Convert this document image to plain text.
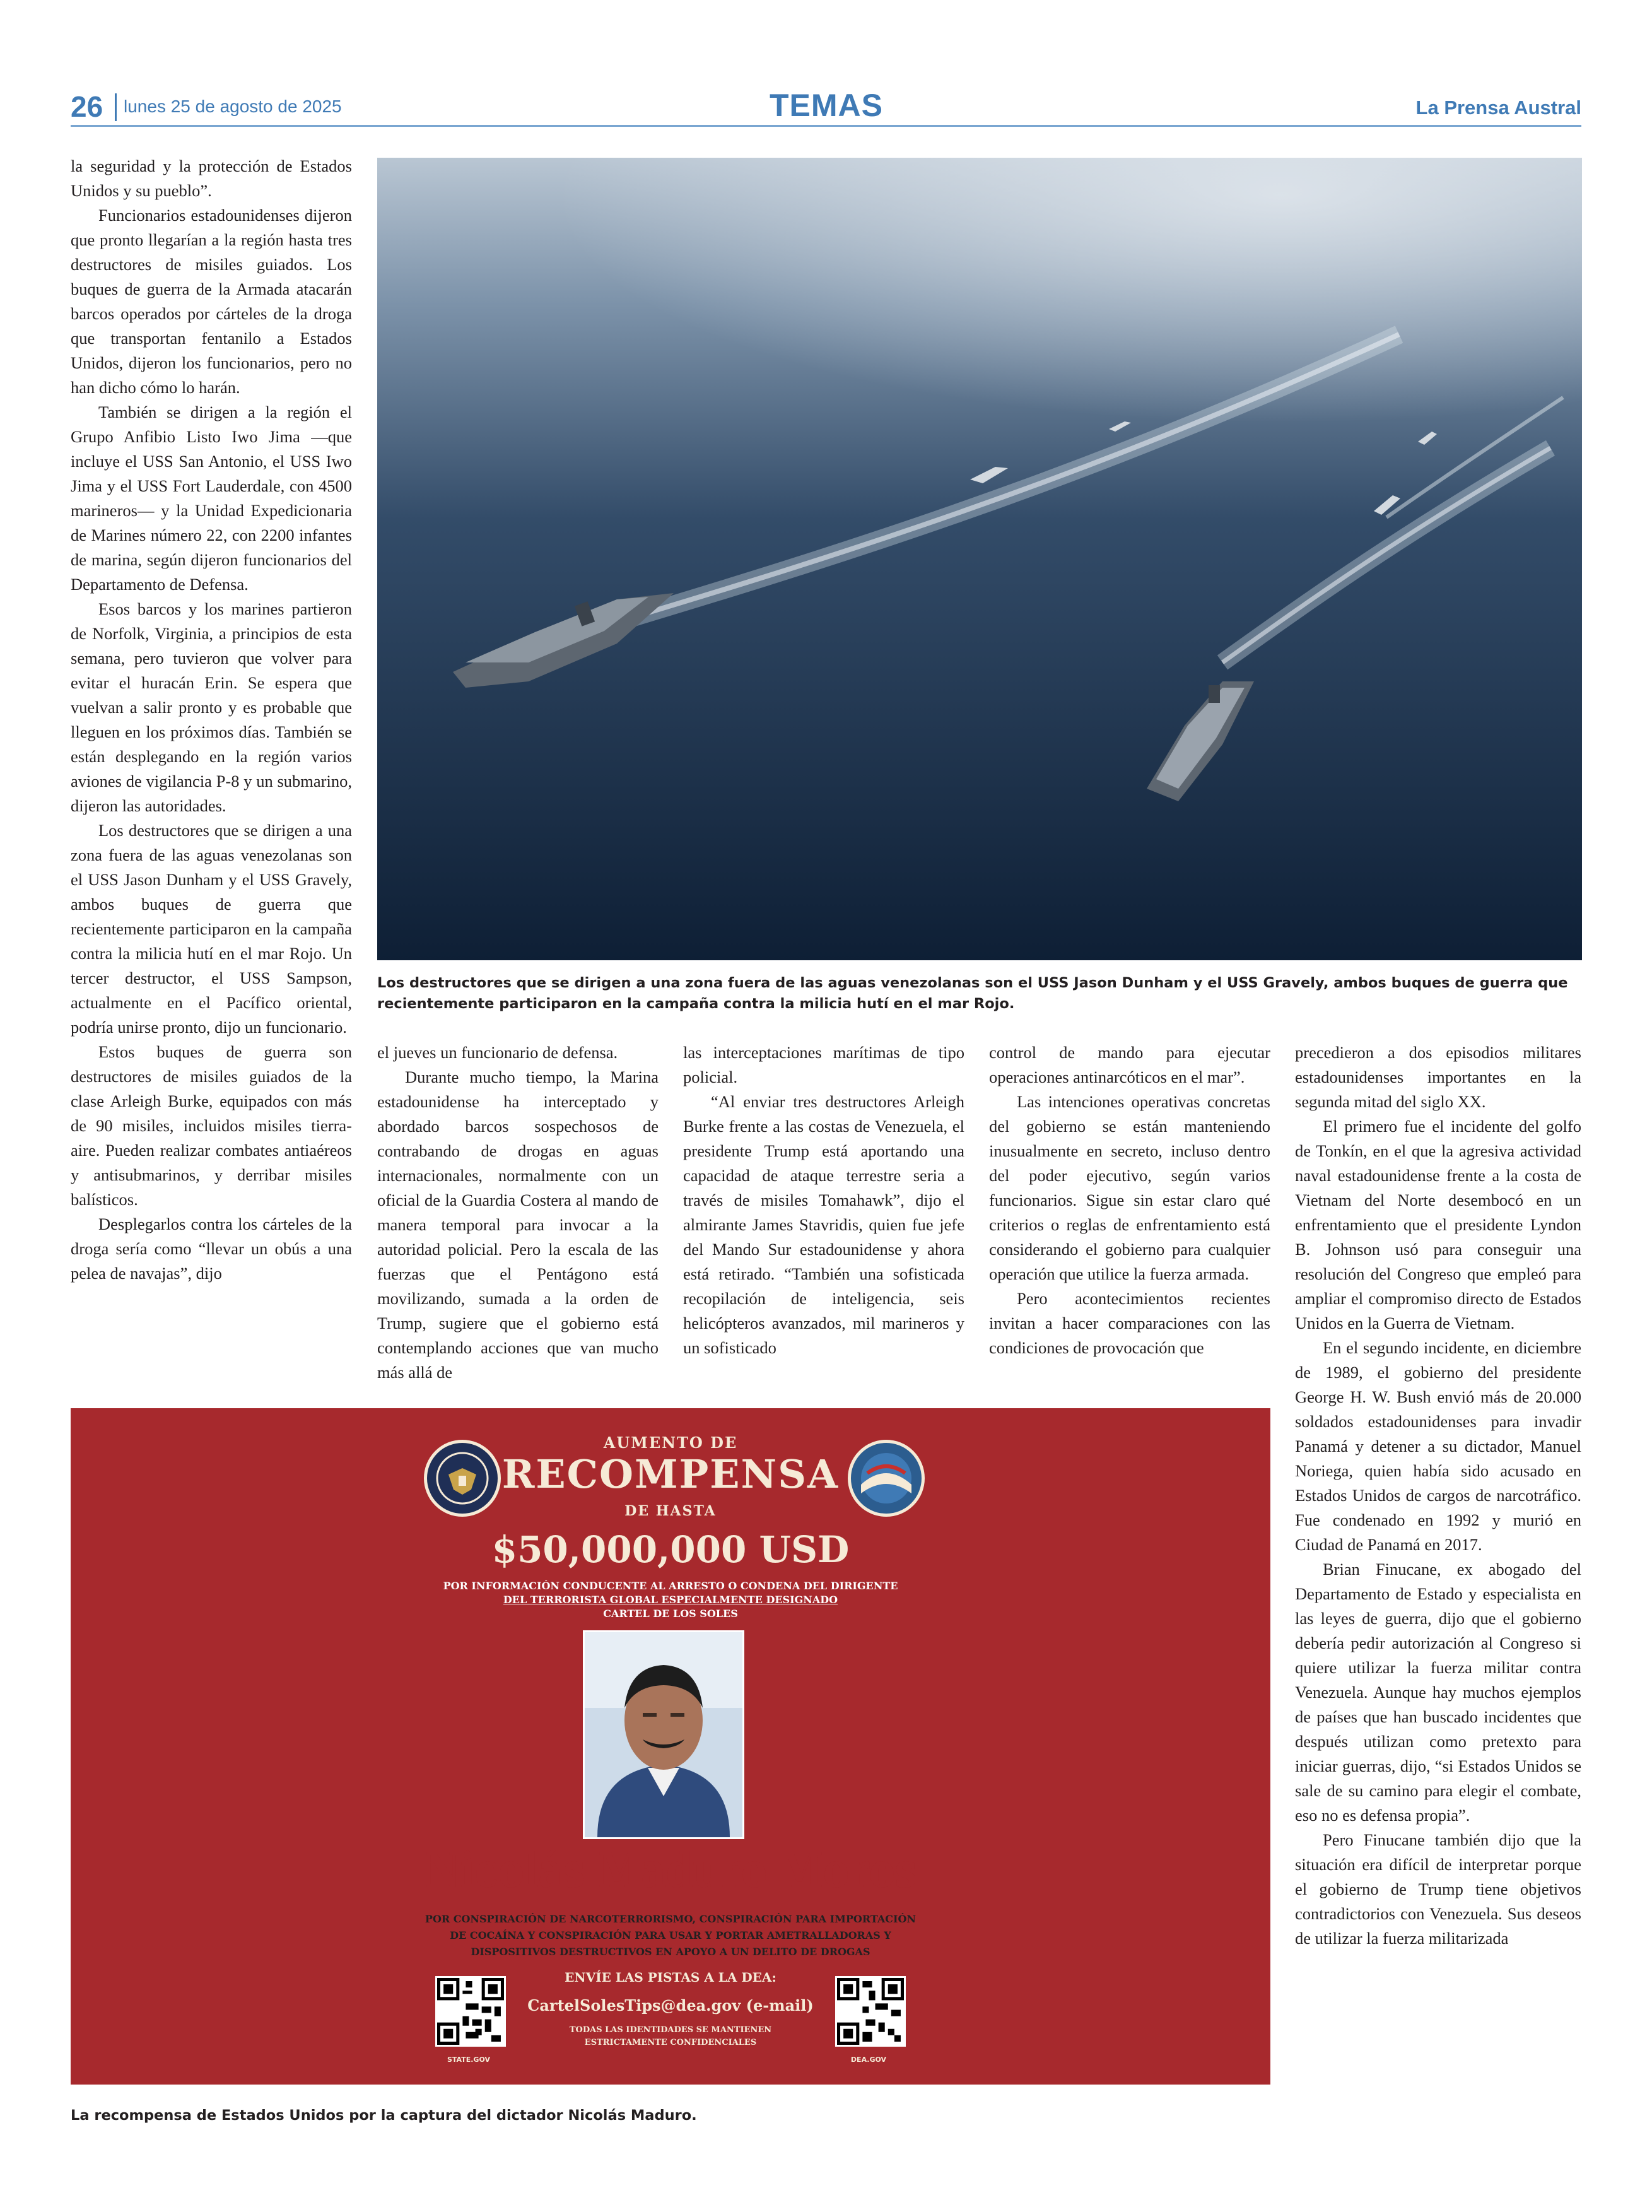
26 lunes 25 de agosto de 2025	TEMAS	La Prensa Austral

la seguridad y la protección de Estados Unidos y su pueblo”.

Funcionarios estadounidenses dijeron que pronto llegarían a la región hasta tres destructores de misiles guiados. Los buques de guerra de la Armada atacarán barcos operados por cárteles de la droga que transportan fentanilo a Estados Unidos, dijeron los funcionarios, pero no han dicho cómo lo harán.

También se dirigen a la región el Grupo Anfibio Listo Iwo Jima —que incluye el USS San Antonio, el USS Iwo Jima y el USS Fort Lauderdale, con 4500 marineros— y la Unidad Expedicionaria de Marines número 22, con 2200 infantes de marina, según dijeron funcionarios del Departamento de Defensa.

Esos barcos y los marines partieron de Norfolk, Virginia, a principios de esta semana, pero tuvieron que volver para evitar el huracán Erin. Se espera que vuelvan a salir pronto y es probable que lleguen en los próximos días. También se están desplegando en la región varios aviones de vigilancia P-8 y un submarino, dijeron las autoridades.

Los destructores que se dirigen a una zona fuera de las aguas venezolanas son el USS Jason Dunham y el USS Gravely, ambos buques de guerra que recientemente participaron en la campaña contra la milicia hutí en el mar Rojo. Un tercer destructor, el USS Sampson, actualmente en el Pacífico oriental, podría unirse pronto, dijo un funcionario.

Estos buques de guerra son destructores de misiles guiados de la clase Arleigh Burke, equipados con más de 90 misiles, incluidos misiles tierra-aire. Pueden realizar combates antiaéreos y antisubmarinos, y derribar misiles balísticos.

Desplegarlos contra los cárteles de la droga sería como “llevar un obús a una pelea de navajas”, dijo

Los destructores que se dirigen a una zona fuera de las aguas venezolanas son el USS Jason Dunham y el USS Gravely, ambos buques de guerra que recientemente participaron en la campaña contra la milicia hutí en el mar Rojo.

el jueves un funcionario de defensa.

Durante mucho tiempo, la Marina estadounidense ha interceptado y abordado barcos sospechosos de contrabando de drogas en aguas internacionales, normalmente con un oficial de la Guardia Costera al mando de manera temporal para invocar a la autoridad policial. Pero la escala de las fuerzas que el Pentágono está movilizando, sumada a la orden de Trump, sugiere que el gobierno está contemplando acciones que van mucho más allá de

las interceptaciones marítimas de tipo policial.

“Al enviar tres destructores Arleigh Burke frente a las costas de Venezuela, el presidente Trump está aportando una capacidad de ataque terrestre seria a través de misiles Tomahawk”, dijo el almirante James Stavridis, quien fue jefe del Mando Sur estadounidense y ahora está retirado. “También una sofisticada recopilación de inteligencia, seis helicópteros avanzados, mil marineros y un sofisticado

control de mando para ejecutar operaciones antinarcóticos en el mar”.

Las intenciones operativas concretas del gobierno se están manteniendo inusualmente en secreto, incluso dentro del poder ejecutivo, según varios funcionarios. Sigue sin estar claro qué criterios o reglas de enfrentamiento está considerando el gobierno para cualquier operación que utilice la fuerza armada.

Pero acontecimientos recientes invitan a hacer comparaciones con las condiciones de provocación que

precedieron a dos episodios militares estadounidenses importantes en la segunda mitad del siglo XX.

El primero fue el incidente del golfo de Tonkín, en el que la agresiva actividad naval estadounidense frente a la costa de Vietnam del Norte desembocó en un enfrentamiento que el presidente Lyndon B. Johnson usó para conseguir una resolución del Congreso que empleó para ampliar el compromiso directo de Estados Unidos en la Guerra de Vietnam.

En el segundo incidente, en diciembre de 1989, el gobierno del presidente George H. W. Bush envió más de 20.000 soldados estadounidenses para invadir Panamá y detener a su dictador, Manuel Noriega, quien había sido acusado en Estados Unidos de cargos de narcotráfico. Fue condenado en 1992 y murió en Ciudad de Panamá en 2017.

Brian Finucane, ex abogado del Departamento de Estado y especialista en las leyes de guerra, dijo que el gobierno debería pedir autorización al Congreso si quiere utilizar la fuerza militar contra Venezuela. Aunque hay muchos ejemplos de países que han buscado incidentes que después utilizan como pretexto para iniciar guerras, dijo, “si Estados Unidos se sale de su camino para elegir el combate, eso no es defensa propia”.

Pero Finucane también dijo que la situación era difícil de interpretar porque el gobierno de Trump tiene objetivos contradictorios con Venezuela. Sus deseos de utilizar la fuerza militarizada

AUMENTO DE
RECOMPENSA
DE HASTA
$50,000,000 USD
POR INFORMACIÓN CONDUCENTE AL ARRESTO O CONDENA DEL DIRIGENTE
DEL TERRORISTA GLOBAL ESPECIALMENTE DESIGNADO
CARTEL DE LOS SOLES
Nicolás Maduro Moros
POR CONSPIRACIÓN DE NARCOTERRORISMO, CONSPIRACIÓN PARA IMPORTACIÓN
DE COCAÍNA Y CONSPIRACIÓN PARA USAR Y PORTAR AMETRALLADORAS Y
DISPOSITIVOS DESTRUCTIVOS EN APOYO A UN DELITO DE DROGAS
ENVÍE LAS PISTAS A LA DEA:
CartelSolesTips@dea.gov (e-mail)
TODAS LAS IDENTIDADES SE MANTIENEN
ESTRICTAMENTE CONFIDENCIALES
STATE.GOV	DEA.GOV
La recompensa de Estados Unidos por la captura del dictador Nicolás Maduro.
